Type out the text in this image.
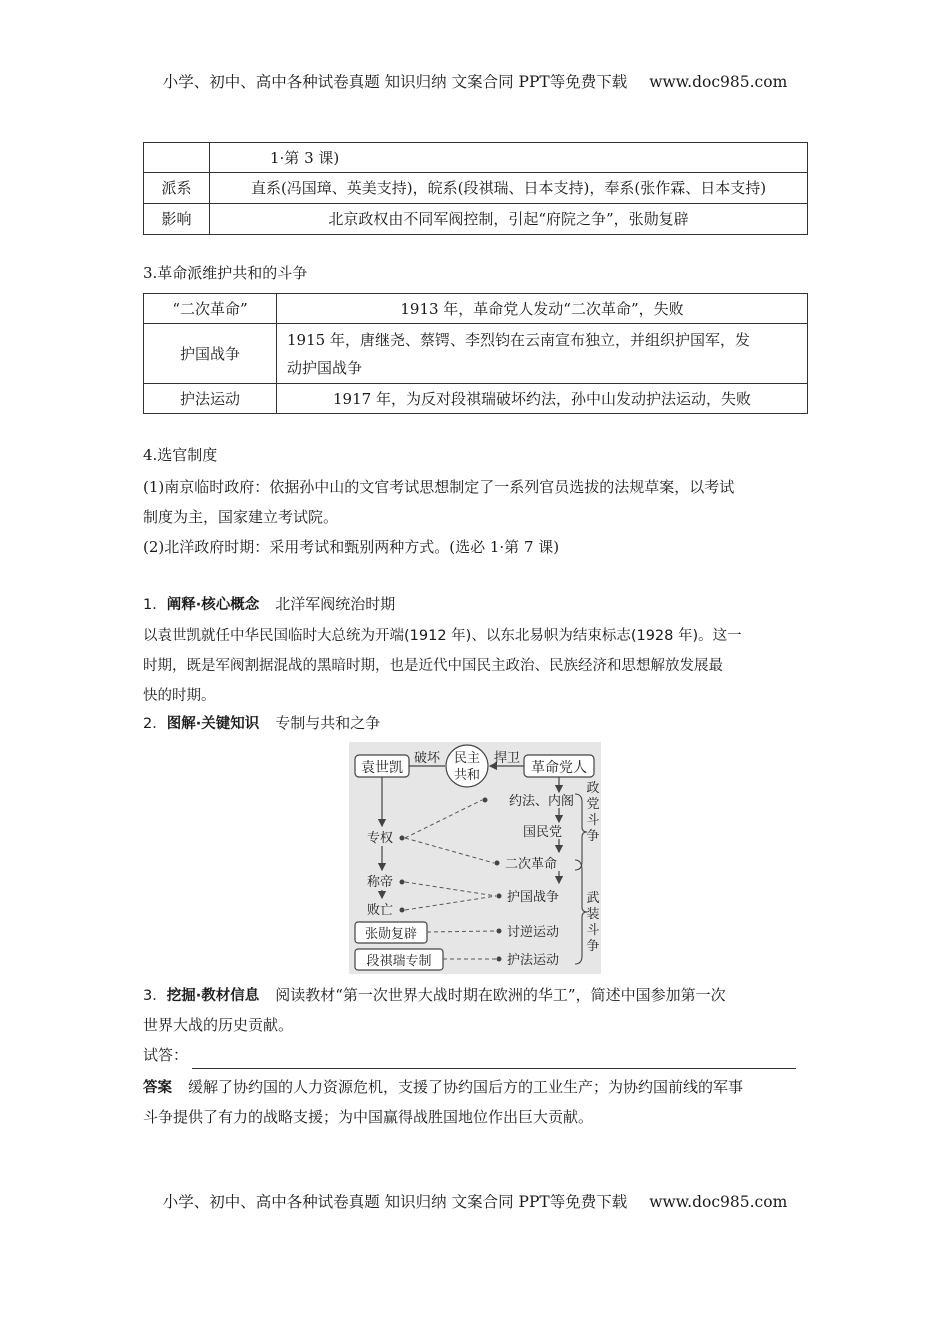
小学、初中、高中各种试卷真题 知识归纳 文案合同 PPT等免费下载 www.doc985.com
	1·第 3 课)
派系	直系(冯国璋、英美支持)，皖系(段祺瑞、日本支持)，奉系(张作霖、日本支持)
影响	北京政权由不同军阀控制，引起“府院之争”，张勋复辟
3.革命派维护共和的斗争
“二次革命”	1913 年，革命党人发动“二次革命”，失败
护国战争	1915 年，唐继尧、蔡锷、李烈钧在云南宣布独立，并组织护国军，发
动护国战争

护法运动	1917 年，为反对段祺瑞破坏约法，孙中山发动护法运动，失败
4.选官制度
(1)南京临时政府：依据孙中山的文官考试思想制定了一系列官员选拔的法规草案，以考试
制度为主，国家建立考试院。
(2)北洋政府时期：采用考试和甄别两种方式。(选必 1·第 7 课)
1．阐释·核心概念 北洋军阀统治时期
以袁世凯就任中华民国临时大总统为开端(1912 年)、以东北易帜为结束标志(1928 年)。这一
时期，既是军阀割据混战的黑暗时期，也是近代中国民主政治、民族经济和思想解放发展最
快的时期。
2．图解·关键知识 专制与共和之争
袁世凯
破坏 民主
共和
捍卫
革命党人
专权
称帝
败亡
张勋复辟
段祺瑞专制
约法、内阁
国民党
二次革命
护国战争
讨逆运动
护法运动
政
党
斗
争
武
装
斗
争
3．挖掘·教材信息 阅读教材“第一次世界大战时期在欧洲的华工”，简述中国参加第一次
世界大战的历史贡献。
试答：
答案 缓解了协约国的人力资源危机，支援了协约国后方的工业生产；为协约国前线的军事
斗争提供了有力的战略支援；为中国赢得战胜国地位作出巨大贡献。
小学、初中、高中各种试卷真题 知识归纳 文案合同 PPT等免费下载 www.doc985.com
